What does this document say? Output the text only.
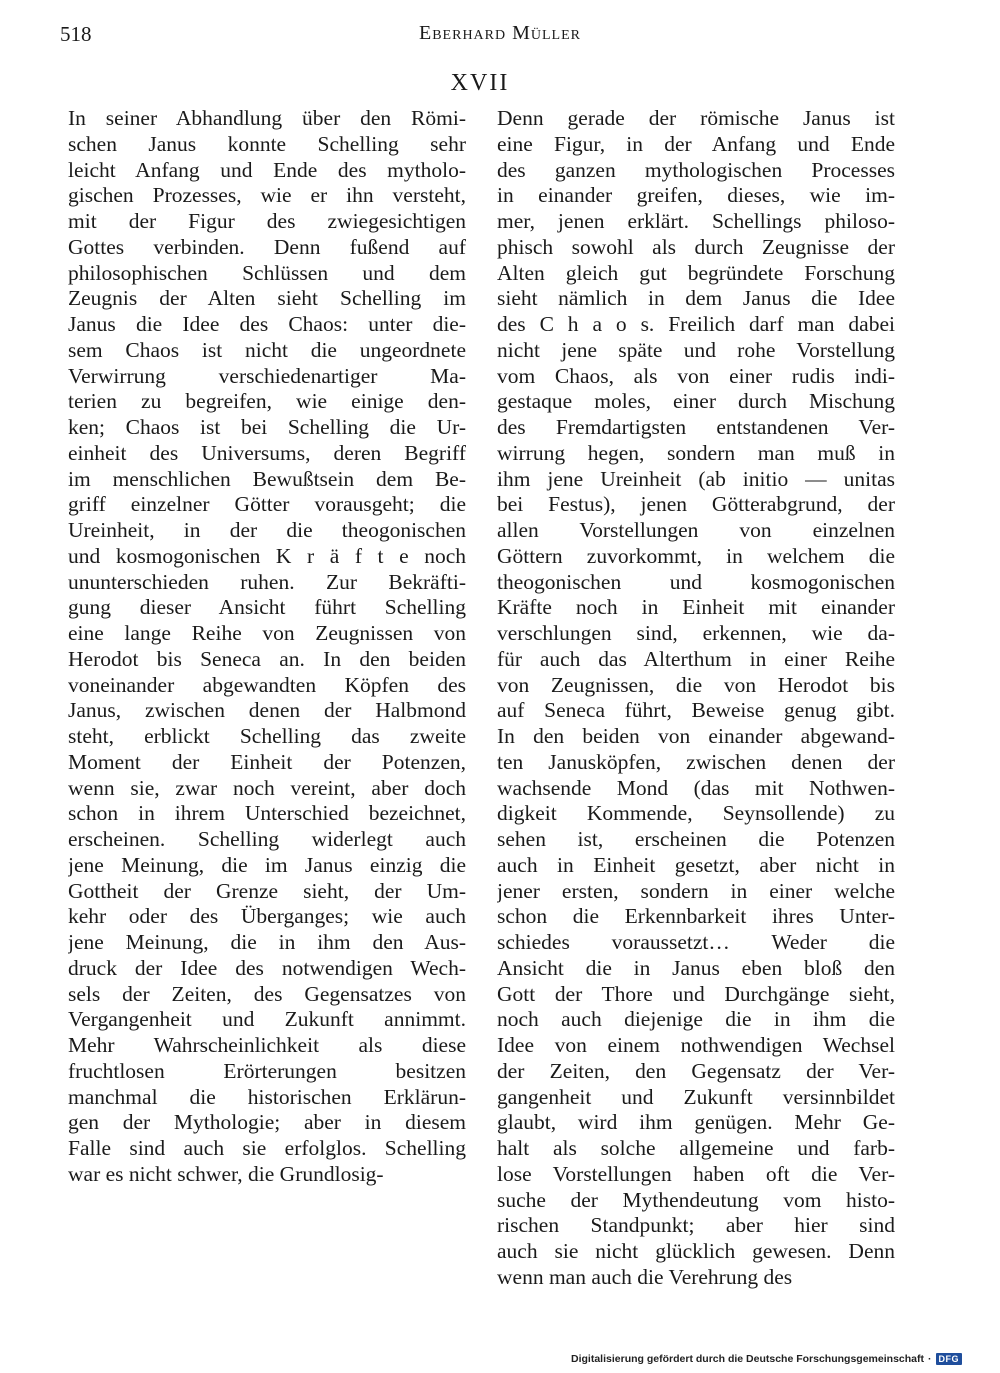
518	Eberhard Müller
XVII
In seiner Abhandlung über den Römi-
schen Janus konnte Schelling sehr
leicht Anfang und Ende des mytholo-
gischen Prozesses, wie er ihn versteht,
mit der Figur des zwiegesichtigen
Gottes verbinden. Denn fußend auf
philosophischen Schlüssen und dem
Zeugnis der Alten sieht Schelling im
Janus die Idee des Chaos: unter die-
sem Chaos ist nicht die ungeordnete
Verwirrung verschiedenartiger Ma-
terien zu begreifen, wie einige den-
ken; Chaos ist bei Schelling die Ur-
einheit des Universums, deren Begriff
im menschlichen Bewußtsein dem Be-
griff einzelner Götter vorausgeht; die
Ureinheit, in der die theogonischen
und kosmogonischen K r ä f t e noch
ununterschieden ruhen. Zur Bekräfti-
gung dieser Ansicht führt Schelling
eine lange Reihe von Zeugnissen von
Herodot bis Seneca an. In den beiden
voneinander abgewandten Köpfen des
Janus, zwischen denen der Halbmond
steht, erblickt Schelling das zweite
Moment der Einheit der Potenzen,
wenn sie, zwar noch vereint, aber doch
schon in ihrem Unterschied bezeichnet,
erscheinen. Schelling widerlegt auch
jene Meinung, die im Janus einzig die
Gottheit der Grenze sieht, der Um-
kehr oder des Überganges; wie auch
jene Meinung, die in ihm den Aus-
druck der Idee des notwendigen Wech-
sels der Zeiten, des Gegensatzes von
Vergangenheit und Zukunft annimmt.
Mehr Wahrscheinlichkeit als diese
fruchtlosen Erörterungen besitzen
manchmal die historischen Erklärun-
gen der Mythologie; aber in diesem
Falle sind auch sie erfolglos. Schelling
war es nicht schwer, die Grundlosig-
Denn gerade der römische Janus ist
eine Figur, in der Anfang und Ende
des ganzen mythologischen Processes
in einander greifen, dieses, wie im-
mer, jenen erklärt. Schellings philoso-
phisch sowohl als durch Zeugnisse der
Alten gleich gut begründete Forschung
sieht nämlich in dem Janus die Idee
des C h a o s. Freilich darf man dabei
nicht jene späte und rohe Vorstellung
vom Chaos, als von einer rudis indi-
gestaque moles, einer durch Mischung
des Fremdartigsten entstandenen Ver-
wirrung hegen, sondern man muß in
ihm jene Ureinheit (ab initio — unitas
bei Festus), jenen Götterabgrund, der
allen Vorstellungen von einzelnen
Göttern zuvorkommt, in welchem die
theogonischen und kosmogonischen
Kräfte noch in Einheit mit einander
verschlungen sind, erkennen, wie da-
für auch das Alterthum in einer Reihe
von Zeugnissen, die von Herodot bis
auf Seneca führt, Beweise genug gibt.
In den beiden von einander abgewand-
ten Janusköpfen, zwischen denen der
wachsende Mond (das mit Nothwen-
digkeit Kommende, Seynsollende) zu
sehen ist, erscheinen die Potenzen
auch in Einheit gesetzt, aber nicht in
jener ersten, sondern in einer welche
schon die Erkennbarkeit ihres Unter-
schiedes voraussetzt… Weder die
Ansicht die in Janus eben bloß den
Gott der Thore und Durchgänge sieht,
noch auch diejenige die in ihm die
Idee von einem nothwendigen Wechsel
der Zeiten, den Gegensatz der Ver-
gangenheit und Zukunft versinnbildet
glaubt, wird ihm genügen. Mehr Ge-
halt als solche allgemeine und farb-
lose Vorstellungen haben oft die Ver-
suche der Mythendeutung vom histo-
rischen Standpunkt; aber hier sind
auch sie nicht glücklich gewesen. Denn
wenn man auch die Verehrung des
Digitalisierung gefördert durch die Deutsche Forschungsgemeinschaft · DFG
